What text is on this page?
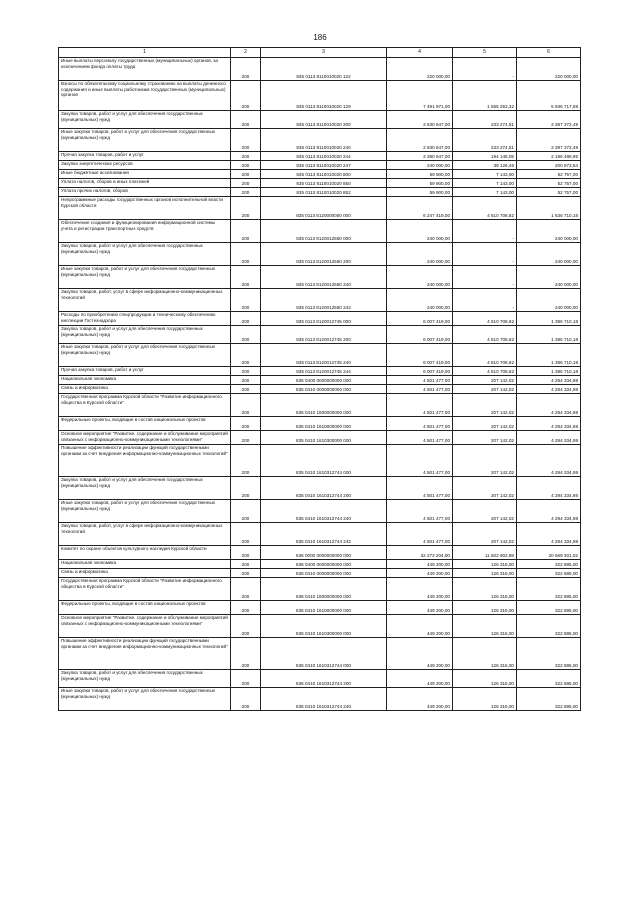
186
1	2	3	4	5	6
Иные выплаты персоналу государственных (муниципальных) органов, за исключением фонда оплаты труда	200	835 0113 8110010020 122	220 000,00	-	220 000,00
Взносы по обязательному социальному страхованию на выплаты денежного содержания и иные выплаты работникам государственных (муниципальных) органов	200	835 0113 8110010020 129	7 491 971,00	1 555 253,32	5 936 717,68
Закупка товаров, работ и услуг для обеспечения государственных (муниципальных) нужд	200	835 0113 8110010020 200	2 630 647,00	233 274,51	2 397 372,49
Иные закупки товаров, работ и услуг для обеспечения государственных (муниципальных) нужд	200	835 0113 8110010020 240	2 630 647,00	233 274,51	2 397 372,49
Прочая закупка товаров, работ и услуг	200	835 0113 8110010020 244	2 390 647,00	194 148,05	2 196 498,95
Закупка энергетических ресурсов	200	835 0113 8110010020 247	240 000,00	39 126,46	200 873,54
Иные бюджетные ассигнования	200	835 0113 8110010020 800	59 900,00	7 143,00	52 757,00
Уплата налогов, сборов и иных платежей	200	835 0113 8110010020 850	59 900,00	7 143,00	52 757,00
Уплата прочих налогов, сборов	200	835 0113 8110010020 852	59 900,00	7 143,00	52 757,00
Непрограммные расходы государственных органов исполнительной власти Курской области	200	835 0113 8120000000 000	6 247 419,00	4 610 708,82	1 636 710,18
Обеспечение создания и функционирования информационной системы учета и регистрации транспортных средств	200	835 0113 8120012560 000	240 000,00	-	240 000,00
Закупка товаров, работ и услуг для обеспечения государственных (муниципальных) нужд	200	835 0113 8120012560 200	240 000,00	-	240 000,00
Иные закупки товаров, работ и услуг для обеспечения государственных (муниципальных) нужд	200	835 0113 8120012560 240	240 000,00	-	240 000,00
Закупка товаров, работ, услуг в сфере информационно-коммуникационных технологий	200	835 0113 8120012560 242	240 000,00	-	240 000,00
Расходы по приобретению спецпродукции и техническому обеспечению инспекции Гостехнадзора	200	835 0113 8120012745 000	6 007 419,00	4 610 708,82	1 396 710,18
Закупка товаров, работ и услуг для обеспечения государственных (муниципальных) нужд	200	835 0113 8120012745 200	6 007 419,00	4 610 708,82	1 396 710,18
Иные закупки товаров, работ и услуг для обеспечения государственных (муниципальных) нужд	200	835 0113 8120012745 240	6 007 419,00	4 610 708,82	1 396 710,18
Прочая закупка товаров, работ и услуг	200	835 0113 8120012745 244	6 007 419,00	4 610 708,82	1 396 710,18
Национальная экономика	200	835 0400 0000000000 000	4 501 477,00	207 142,02	4 294 334,98
Связь и информатика	200	835 0410 0000000000 000	4 501 477,00	207 142,02	4 294 334,98
Государственная программа Курской области "Развитие информационного общества в Курской области"	200	835 0410 1600000000 000	4 501 477,00	207 142,02	4 294 334,98
Федеральные проекты, входящие в состав национальных проектов	200	835 0410 1610000000 000	4 501 477,00	207 142,02	4 294 334,98
Основное мероприятие "Развитие, содержание и обслуживание мероприятий связанных с информационно-коммуникационными технологиями"	200	835 0410 1610300000 000	4 501 477,00	207 142,02	4 294 334,98
Повышение эффективности реализации функций государственными органами за счет внедрения информационно-коммуникационных технологий"	200	835 0410 1610312744 000	4 501 477,00	207 142,02	4 294 334,98
Закупка товаров, работ и услуг для обеспечения государственных (муниципальных) нужд	200	835 0410 1610312744 200	4 501 477,00	207 142,02	4 294 334,98
Иные закупки товаров, работ и услуг для обеспечения государственных (муниципальных) нужд	200	835 0410 1610312744 240	4 501 477,00	207 142,02	4 294 334,98
Закупка товаров, работ, услуг в сфере информационно-коммуникационных технологий	200	835 0410 1610312744 242	4 501 477,00	207 142,02	4 294 334,98
Комитет по охране объектов культурного наследия Курской области	200	836 0000 0000000000 000	32 272 204,00	11 602 902,98	20 669 301,02
Национальная экономика	200	836 0400 0000000000 000	449 200,00	126 315,00	322 885,00
Связь и информатика	200	836 0410 0000000000 000	449 200,00	126 315,00	322 885,00
Государственная программа Курской области "Развитие информационного общества в Курской области"	200	836 0410 1600000000 000	449 200,00	126 315,00	322 885,00
Федеральные проекты, входящие в состав национальных проектов	200	836 0410 1610000000 000	449 200,00	126 315,00	322 885,00
Основное мероприятие "Развитие, содержание и обслуживание мероприятий связанных с информационно-коммуникационными технологиями"	200	836 0410 1610300000 000	449 200,00	126 315,00	322 885,00
Повышение эффективности реализации функций государственными органами за счет внедрения информационно-коммуникационных технологий"	200	836 0410 1610312744 000	449 200,00	126 315,00	322 885,00
Закупка товаров, работ и услуг для обеспечения государственных (муниципальных) нужд	200	836 0410 1610312744 200	449 200,00	126 315,00	322 885,00
Иные закупки товаров, работ и услуг для обеспечения государственных (муниципальных) нужд	200	836 0410 1610312744 240	449 200,00	126 315,00	322 885,00
